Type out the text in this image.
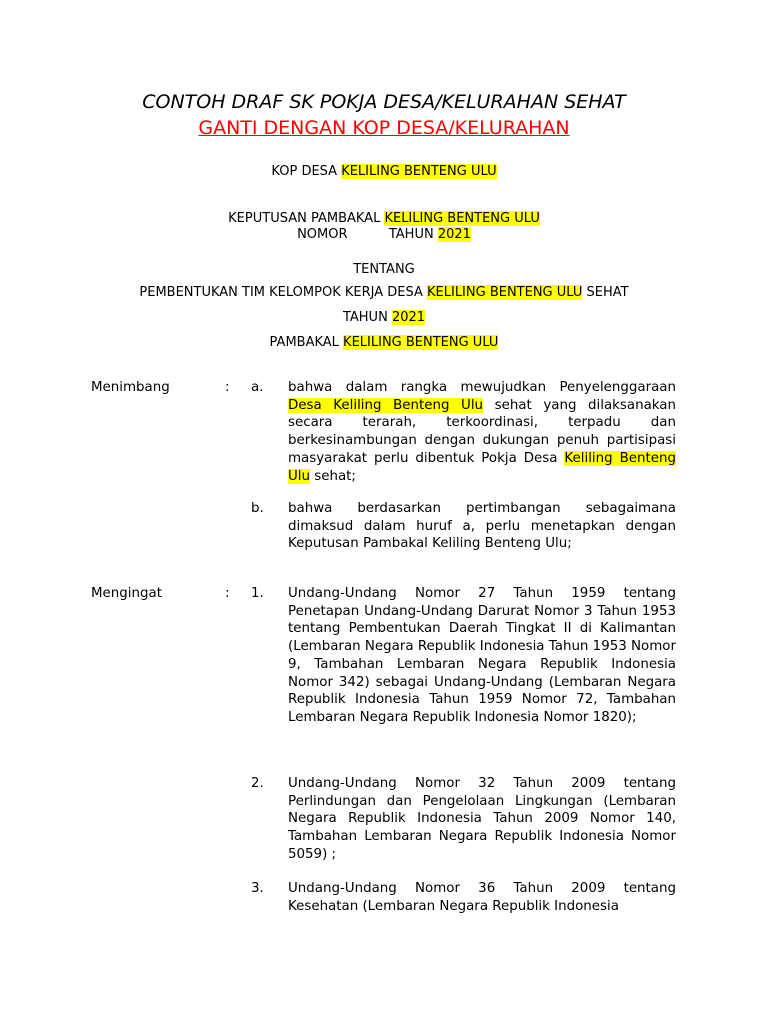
CONTOH DRAF SK POKJA DESA/KELURAHAN SEHAT
GANTI DENGAN KOP DESA/KELURAHAN
KOP DESA KELILING BENTENG ULU
KEPUTUSAN PAMBAKAL KELILING BENTENG ULU
NOMOR          TAHUN 2021
TENTANG
PEMBENTUKAN TIM KELOMPOK KERJA DESA KELILING BENTENG ULU SEHAT
TAHUN 2021
PAMBAKAL KELILING BENTENG ULU
Menimbang	: a. bahwa dalam rangka mewujudkan Penyelenggaraan Desa Keliling Benteng Ulu sehat yang dilaksanakan secara terarah, terkoordinasi, terpadu dan berkesinambungan dengan dukungan penuh partisipasi masyarakat perlu dibentuk Pokja Desa Keliling Benteng Ulu sehat;
b. bahwa berdasarkan pertimbangan sebagaimana dimaksud dalam huruf a, perlu menetapkan dengan Keputusan Pambakal Keliling Benteng Ulu;
Mengingat	: 1. Undang-Undang Nomor 27 Tahun 1959 tentang Penetapan Undang-Undang Darurat Nomor 3 Tahun 1953 tentang Pembentukan Daerah Tingkat II di Kalimantan (Lembaran Negara Republik Indonesia Tahun 1953 Nomor 9, Tambahan Lembaran Negara Republik Indonesia Nomor 342) sebagai Undang-Undang (Lembaran Negara Republik Indonesia Tahun 1959 Nomor 72, Tambahan Lembaran Negara Republik Indonesia Nomor 1820);
2. Undang-Undang Nomor 32 Tahun 2009 tentang Perlindungan dan Pengelolaan Lingkungan (Lembaran Negara Republik Indonesia Tahun 2009 Nomor 140, Tambahan Lembaran Negara Republik Indonesia Nomor 5059) ;
3. Undang-Undang Nomor 36 Tahun 2009 tentang Kesehatan (Lembaran Negara Republik Indonesia
